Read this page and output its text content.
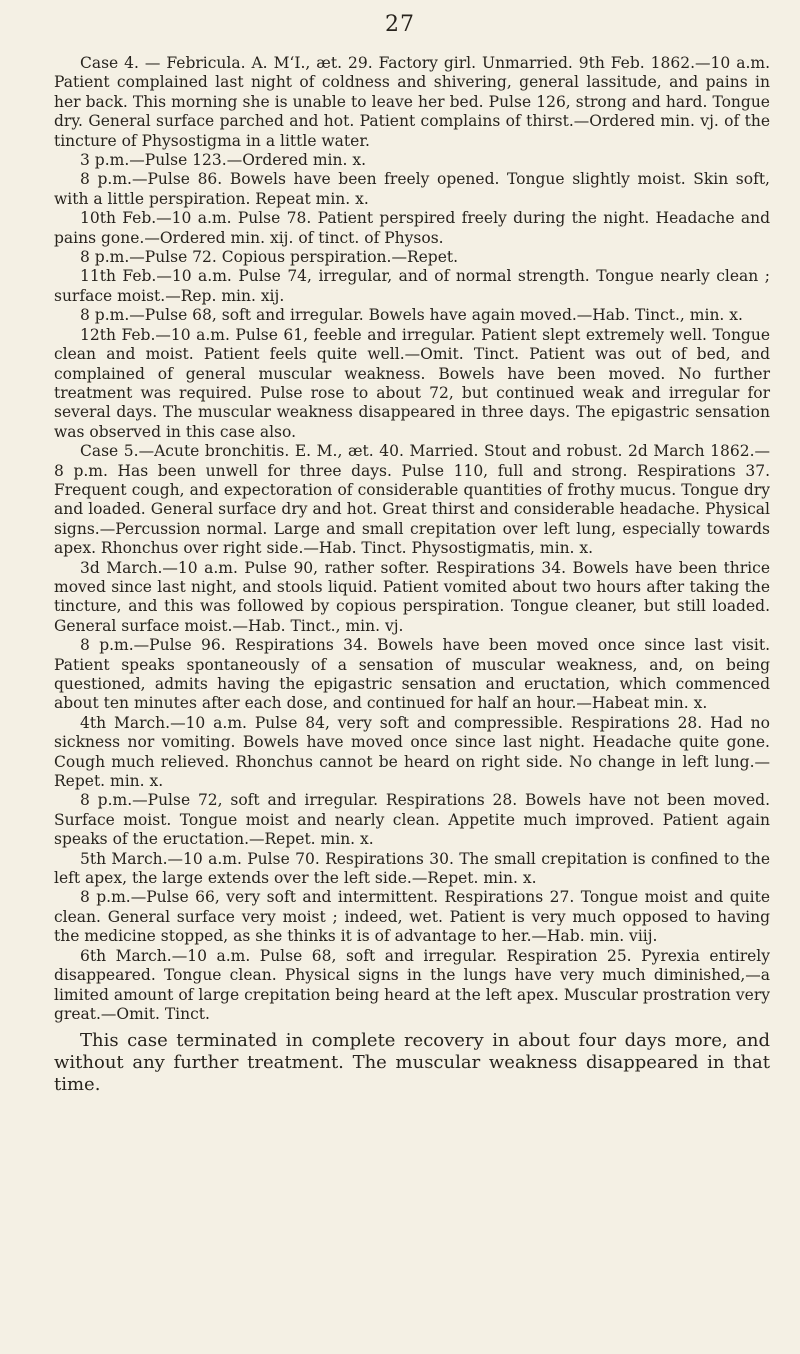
27

Case 4. — Febricula. A. M‘I., æt. 29. Factory girl. Unmarried. 9th Feb. 1862.—10 a.m. Patient complained last night of coldness and shivering, general lassitude, and pains in her back. This morning she is unable to leave her bed. Pulse 126, strong and hard. Tongue dry. General surface parched and hot. Patient complains of thirst.—Ordered min. vj. of the tincture of Physostigma in a little water.

3 p.m.—Pulse 123.—Ordered min. x.

8 p.m.—Pulse 86. Bowels have been freely opened. Tongue slightly moist. Skin soft, with a little perspiration. Repeat min. x.

10th Feb.—10 a.m. Pulse 78. Patient perspired freely during the night. Headache and pains gone.—Ordered min. xij. of tinct. of Physos.

8 p.m.—Pulse 72. Copious perspiration.—Repet.

11th Feb.—10 a.m. Pulse 74, irregular, and of normal strength. Tongue nearly clean ; surface moist.—Rep. min. xij.

8 p.m.—Pulse 68, soft and irregular. Bowels have again moved.—Hab. Tinct., min. x.

12th Feb.—10 a.m. Pulse 61, feeble and irregular. Patient slept extremely well. Tongue clean and moist. Patient feels quite well.—Omit. Tinct. Patient was out of bed, and complained of general muscular weakness. Bowels have been moved. No further treatment was required. Pulse rose to about 72, but continued weak and irregular for several days. The muscular weakness disappeared in three days. The epigastric sensation was observed in this case also.

Case 5.—Acute bronchitis. E. M., æt. 40. Married. Stout and robust. 2d March 1862.—8 p.m. Has been unwell for three days. Pulse 110, full and strong. Respirations 37. Frequent cough, and expectoration of considerable quantities of frothy mucus. Tongue dry and loaded. General surface dry and hot. Great thirst and considerable headache. Physical signs.—Percussion normal. Large and small crepitation over left lung, especially towards apex. Rhonchus over right side.—Hab. Tinct. Physostigmatis, min. x.

3d March.—10 a.m. Pulse 90, rather softer. Respirations 34. Bowels have been thrice moved since last night, and stools liquid. Patient vomited about two hours after taking the tincture, and this was followed by copious perspiration. Tongue cleaner, but still loaded. General surface moist.—Hab. Tinct., min. vj.

8 p.m.—Pulse 96. Respirations 34. Bowels have been moved once since last visit. Patient speaks spontaneously of a sensation of muscular weakness, and, on being questioned, admits having the epigastric sensation and eructation, which commenced about ten minutes after each dose, and continued for half an hour.—Habeat min. x.

4th March.—10 a.m. Pulse 84, very soft and compressible. Respirations 28. Had no sickness nor vomiting. Bowels have moved once since last night. Headache quite gone. Cough much relieved. Rhonchus cannot be heard on right side. No change in left lung.—Repet. min. x.

8 p.m.—Pulse 72, soft and irregular. Respirations 28. Bowels have not been moved. Surface moist. Tongue moist and nearly clean. Appetite much improved. Patient again speaks of the eructation.—Repet. min. x.

5th March.—10 a.m. Pulse 70. Respirations 30. The small crepitation is confined to the left apex, the large extends over the left side.—Repet. min. x.

8 p.m.—Pulse 66, very soft and intermittent. Respirations 27. Tongue moist and quite clean. General surface very moist ; indeed, wet. Patient is very much opposed to having the medicine stopped, as she thinks it is of advantage to her.—Hab. min. viij.

6th March.—10 a.m. Pulse 68, soft and irregular. Respiration 25. Pyrexia entirely disappeared. Tongue clean. Physical signs in the lungs have very much diminished,—a limited amount of large crepitation being heard at the left apex. Muscular prostration very great.—Omit. Tinct.

This case terminated in complete recovery in about four days more, and without any further treatment. The muscular weakness disappeared in that time.
